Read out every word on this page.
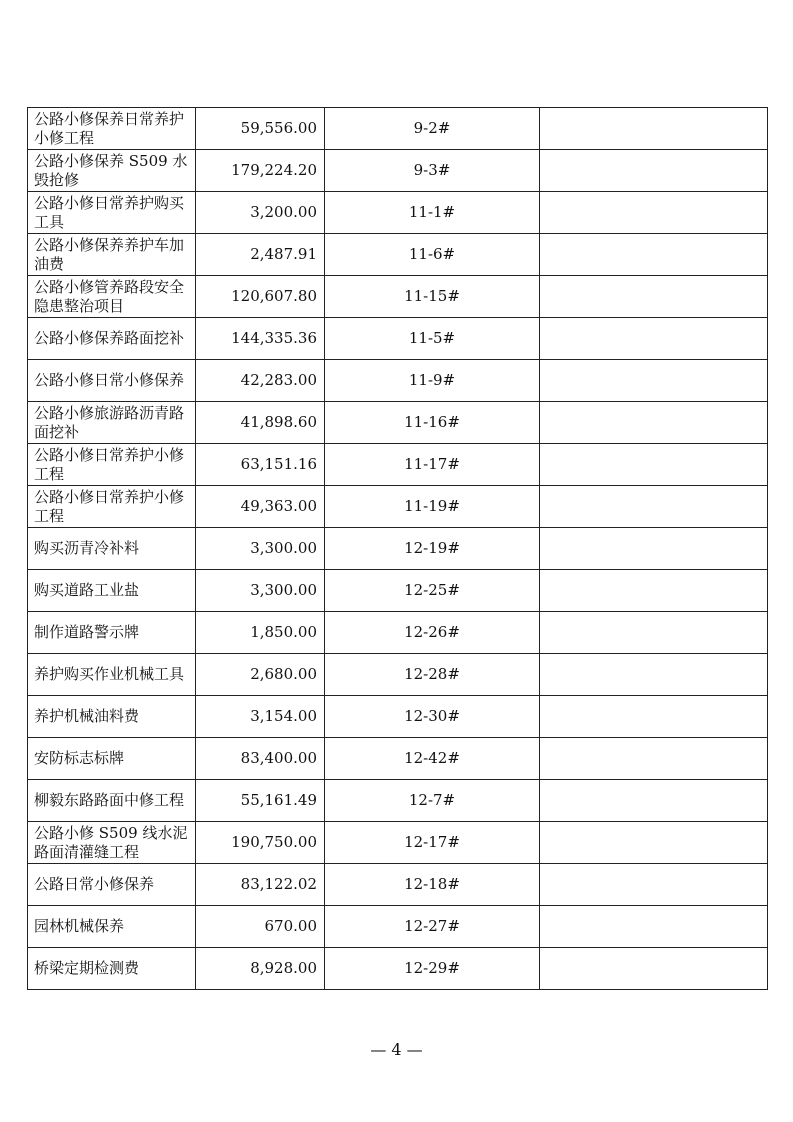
公路小修保养日常养护小修工程	59,556.00	9-2#	
公路小修保养 S509 水毁抢修	179,224.20	9-3#	
公路小修日常养护购买工具	3,200.00	11-1#	
公路小修保养养护车加油费	2,487.91	11-6#	
公路小修管养路段安全隐患整治项目	120,607.80	11-15#	
公路小修保养路面挖补	144,335.36	11-5#	
公路小修日常小修保养	42,283.00	11-9#	
公路小修旅游路沥青路面挖补	41,898.60	11-16#	
公路小修日常养护小修工程	63,151.16	11-17#	
公路小修日常养护小修工程	49,363.00	11-19#	
购买沥青冷补料	3,300.00	12-19#	
购买道路工业盐	3,300.00	12-25#	
制作道路警示牌	1,850.00	12-26#	
养护购买作业机械工具	2,680.00	12-28#	
养护机械油料费	3,154.00	12-30#	
安防标志标牌	83,400.00	12-42#	
柳毅东路路面中修工程	55,161.49	12-7#	
公路小修 S509 线水泥路面清灌缝工程	190,750.00	12-17#	
公路日常小修保养	83,122.02	12-18#	
园林机械保养	670.00	12-27#	
桥梁定期检测费	8,928.00	12-29#	
— 4 —
